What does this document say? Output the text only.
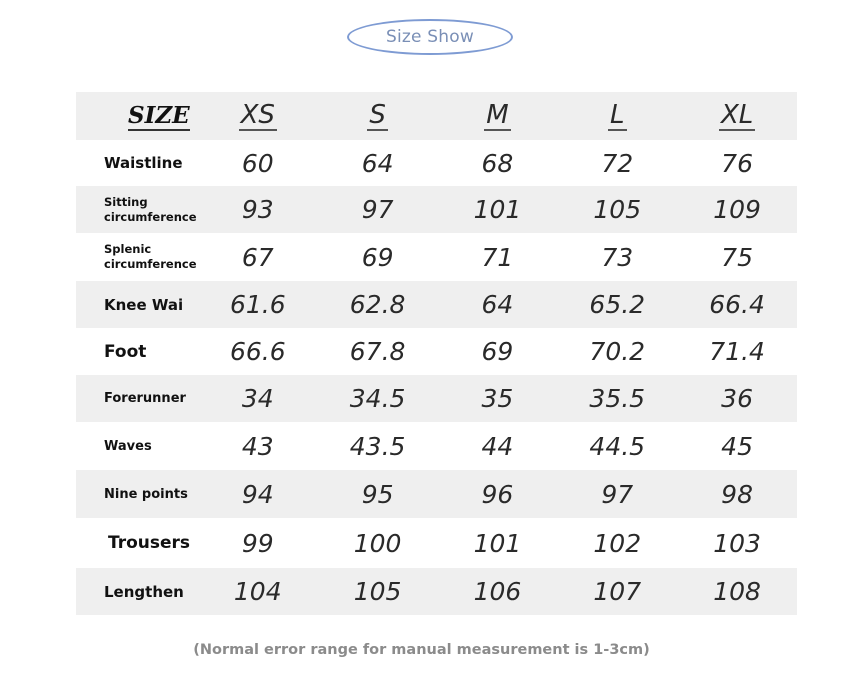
Size Show
SIZE	XS	S	M	L	XL
Waistline	60	64	68	72	76
Sitting circumference	93	97	101	105	109
Splenic circumference	67	69	71	73	75
Knee Wai	61.6	62.8	64	65.2	66.4
Foot	66.6	67.8	69	70.2	71.4
Forerunner	34	34.5	35	35.5	36
Waves	43	43.5	44	44.5	45
Nine points	94	95	96	97	98
Trousers	99	100	101	102	103
Lengthen	104	105	106	107	108
(Normal error range for manual measurement is 1-3cm)
